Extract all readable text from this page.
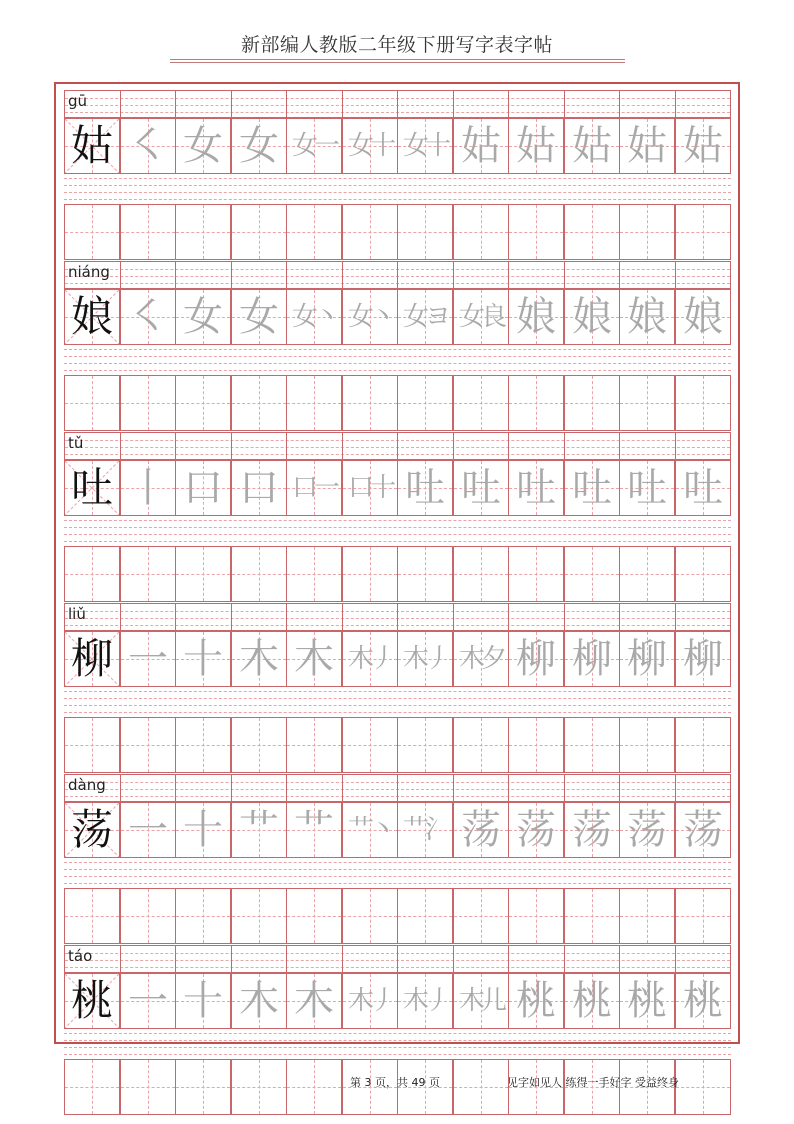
新部编人教版二年级下册写字表字帖
gū
姑 ㇛ 女 女 女一 女十 女十 姑 姑 姑 姑 姑
niáng
娘 ㇛ 女 女 女丶 女丶 女ヨ 女良 娘 娘 娘 娘
tǔ
吐 丨 口 口 口一 口十 吐 吐 吐 吐 吐 吐
liǔ
柳 一 十 木 木 木丿 木丿 木夕 柳 柳 柳 柳
dàng
荡 一 十 艹 艹 艹丶 艹氵 荡 荡 荡 荡 荡
táo
桃 一 十 木 木 木丿 木丿 木儿 桃 桃 桃 桃
第 3 页，共 49 页	见字如见人 练得一手好字 受益终身
